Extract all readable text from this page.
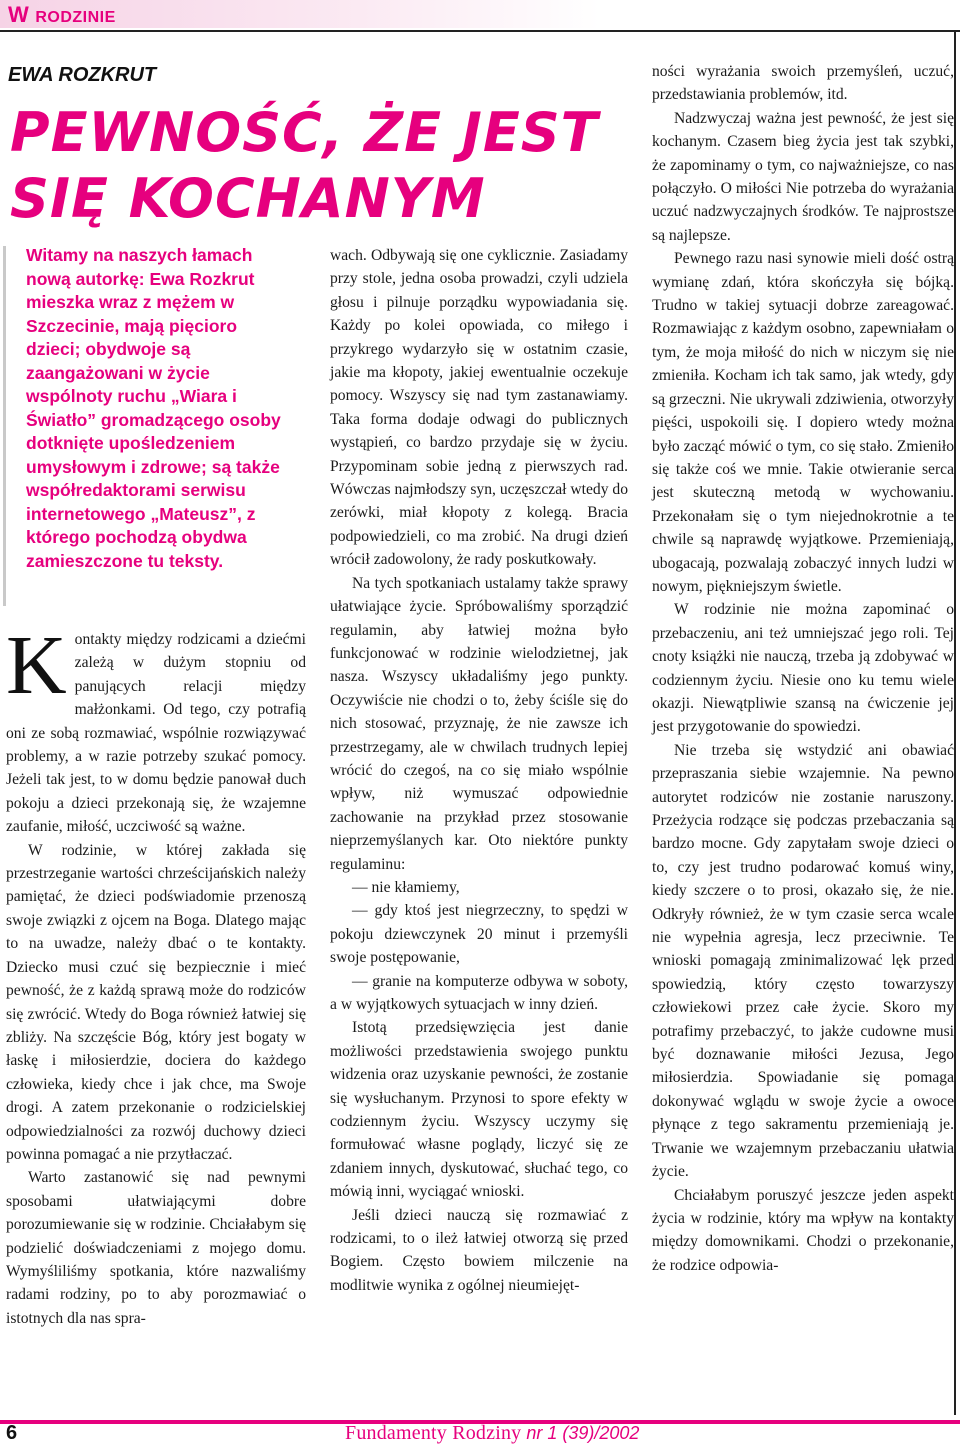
W RODZINIE
EWA ROZKRUT
PEWNOŚĆ, ŻE JEST
SIĘ KOCHANYM

Witamy na naszych łamach nową autorkę: Ewa Rozkrut mieszka wraz z mężem w Szczecinie, mają pięcioro dzieci; obydwoje są zaangażowani w życie wspólnoty ruchu „Wiara i Światło” gromadzącego osoby dotknięte upośledzeniem umysłowym i zdrowe; są także współredaktorami serwisu internetowego „Mateusz”, z którego pochodzą obydwa zamieszczone tu teksty.

Kontakty między rodzicami a dziećmi zależą w dużym stopniu od panujących relacji między małżonkami. Od tego, czy potrafią oni ze sobą rozmawiać, wspólnie rozwiązywać problemy, a w razie potrzeby szukać pomocy. Jeżeli tak jest, to w domu będzie panował duch pokoju a dzieci przekonają się, że wzajemne zaufanie, miłość, uczciwość są ważne.

W rodzinie, w której zakłada się przestrzeganie wartości chrześcijańskich należy pamiętać, że dzieci podświadomie przenoszą swoje związki z ojcem na Boga. Dlatego mając to na uwadze, należy dbać o te kontakty. Dziecko musi czuć się bezpiecznie i mieć pewność, że z każdą sprawą może do rodziców się zwrócić. Wtedy do Boga również łatwiej się zbliży. Na szczęście Bóg, który jest bogaty w łaskę i miłosierdzie, dociera do każdego człowieka, kiedy chce i jak chce, ma Swoje drogi. A zatem przekonanie o rodzicielskiej odpowiedzialności za rozwój duchowy dzieci powinna pomagać a nie przytłaczać.

Warto zastanowić się nad pewnymi sposobami ułatwiającymi dobre porozumiewanie się w rodzinie. Chciałabym się podzielić doświadczeniami z mojego domu. Wymyśliliśmy spotkania, które nazwaliśmy radami rodziny, po to aby porozmawiać o istotnych dla nas spra-

wach. Odbywają się one cyklicznie. Zasiadamy przy stole, jedna osoba prowadzi, czyli udziela głosu i pilnuje porządku wypowiadania się. Każdy po kolei opowiada, co miłego i przykrego wydarzyło się w ostatnim czasie, jakie ma kłopoty, jakiej ewentualnie oczekuje pomocy. Wszyscy się nad tym zastanawiamy. Taka forma dodaje odwagi do publicznych wystąpień, co bardzo przydaje się w życiu. Przypominam sobie jedną z pierwszych rad. Wówczas najmłodszy syn, uczęszczał wtedy do zerówki, miał kłopoty z kolegą. Bracia podpowiedzieli, co ma zrobić. Na drugi dzień wrócił zadowolony, że rady poskutkowały.

Na tych spotkaniach ustalamy także sprawy ułatwiające życie. Spróbowaliśmy sporządzić regulamin, aby łatwiej można było funkcjonować w rodzinie wielodzietnej, jak nasza. Wszyscy układaliśmy jego punkty. Oczywiście nie chodzi o to, żeby ściśle się do nich stosować, przyznaję, że nie zawsze ich przestrzegamy, ale w chwilach trudnych lepiej wrócić do czegoś, na co się miało wspólnie wpływ, niż wymuszać odpowiednie zachowanie na przykład przez stosowanie nieprzemyślanych kar. Oto niektóre punkty regulaminu:

— nie kłamiemy,

— gdy ktoś jest niegrzeczny, to spędzi w pokoju dziewczynek 20 minut i przemyśli swoje postępowanie,

— granie na komputerze odbywa w soboty, a w wyjątkowych sytuacjach w inny dzień.

Istotą przedsięwzięcia jest danie możliwości przedstawienia swojego punktu widzenia oraz uzyskanie pewności, że zostanie się wysłuchanym. Przynosi to spore efekty w codziennym życiu. Wszyscy uczymy się formułować własne poglądy, liczyć się ze zdaniem innych, dyskutować, słuchać tego, co mówią inni, wyciągać wnioski.

Jeśli dzieci nauczą się rozmawiać z rodzicami, to o ileż łatwiej otworzą się przed Bogiem. Często bowiem milczenie na modlitwie wynika z ogólnej nieumiejęt-

ności wyrażania swoich przemyśleń, uczuć, przedstawiania problemów, itd.

Nadzwyczaj ważna jest pewność, że jest się kochanym. Czasem bieg życia jest tak szybki, że zapominamy o tym, co najważniejsze, co nas połączyło. O miłości Nie potrzeba do wyrażania uczuć nadzwyczajnych środków. Te najprostsze są najlepsze.

Pewnego razu nasi synowie mieli dość ostrą wymianę zdań, która skończyła się bójką. Trudno w takiej sytuacji dobrze zareagować. Rozmawiając z każdym osobno, zapewniałam o tym, że moja miłość do nich w niczym się nie zmieniła. Kocham ich tak samo, jak wtedy, gdy są grzeczni. Nie ukrywali zdziwienia, otworzyły pięści, uspokoili się. I dopiero wtedy można było zacząć mówić o tym, co się stało. Zmieniło się także coś we mnie. Takie otwieranie serca jest skuteczną metodą w wychowaniu. Przekonałam się o tym niejednokrotnie a te chwile są naprawdę wyjątkowe. Przemieniają, ubogacają, pozwalają zobaczyć innych ludzi w nowym, piękniejszym świetle.

W rodzinie nie można zapominać o przebaczeniu, ani też umniejszać jego roli. Tej cnoty książki nie nauczą, trzeba ją zdobywać w codziennym życiu. Niesie ono ku temu wiele okazji. Niewątpliwie szansą na ćwiczenie jej jest przygotowanie do spowiedzi.

Nie trzeba się wstydzić ani obawiać przepraszania siebie wzajemnie. Na pewno autorytet rodziców nie zostanie naruszony. Przeżycia rodzące się podczas przebaczania są bardzo mocne. Gdy zapytałam swoje dzieci o to, czy jest trudno podarować komuś winy, kiedy szczere o to prosi, okazało się, że nie. Odkryły również, że w tym czasie serca wcale nie wypełnia agresja, lecz przeciwnie. Te wnioski pomagają zminimalizować lęk przed spowiedzią, który często towarzyszy człowiekowi przez całe życie. Skoro my potrafimy przebaczyć, to jakże cudowne musi być doznawanie miłości Jezusa, Jego miłosierdzia. Spowiadanie się pomaga dokonywać wglądu w swoje życie a owoce płynące z tego sakramentu przemieniają je. Trwanie we wzajemnym przebaczaniu ułatwia życie.

Chciałabym poruszyć jeszcze jeden aspekt życia w rodzinie, który ma wpływ na kontakty między domownikami. Chodzi o przekonanie, że rodzice odpowia-

6	Fundamenty Rodziny nr 1 (39)/2002
